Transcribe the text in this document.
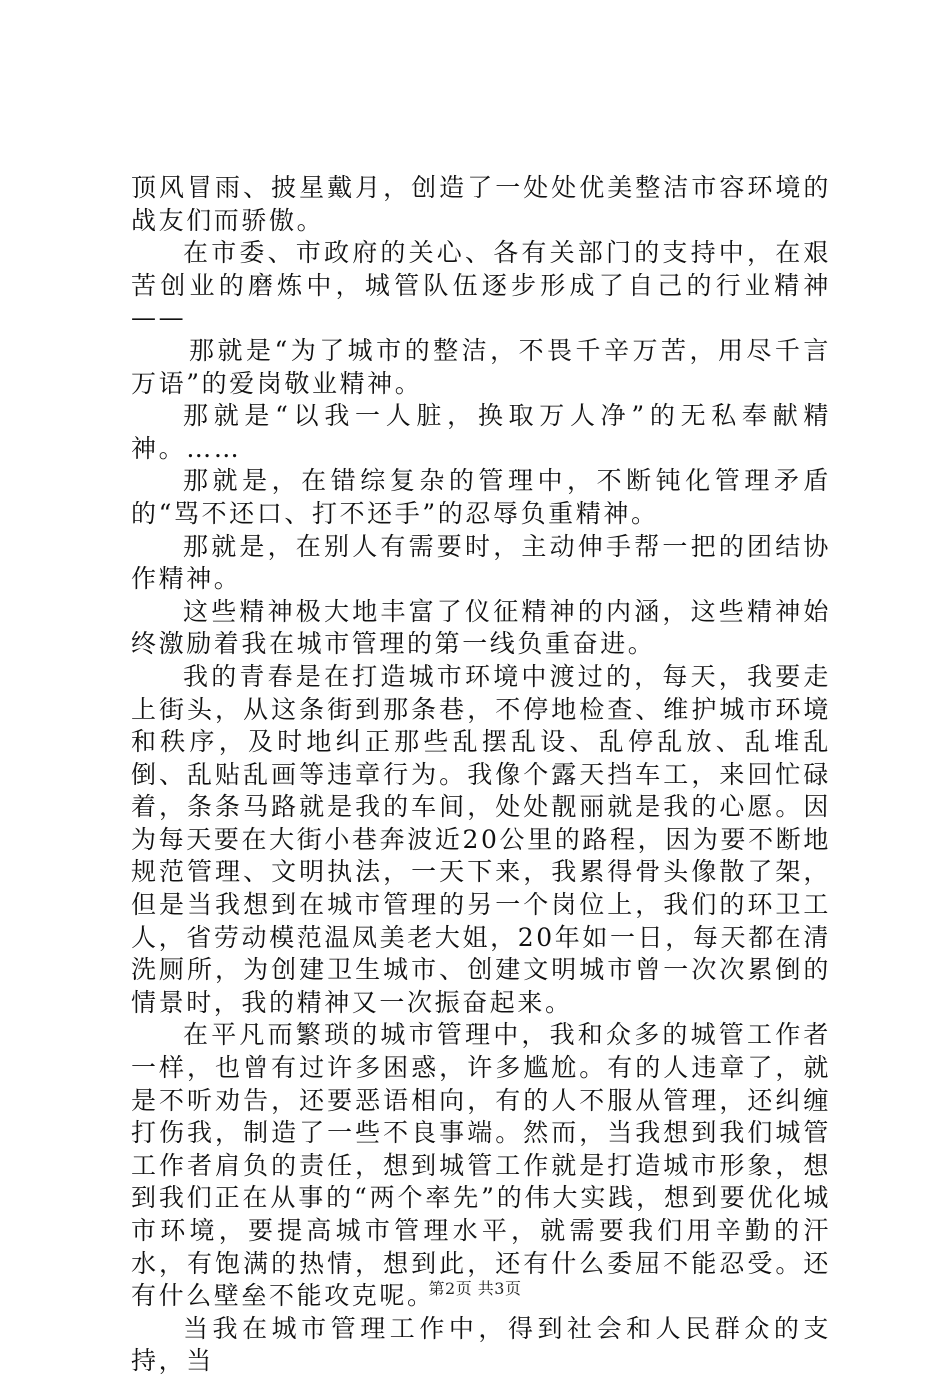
顶风冒雨、披星戴月，创造了一处处优美整洁市容环境的战友们而骄傲。

在市委、市政府的关心、各有关部门的支持中，在艰苦创业的磨炼中，城管队伍逐步形成了自己的行业精神——

那就是“为了城市的整洁，不畏千辛万苦，用尽千言万语”的爱岗敬业精神。

那就是“以我一人脏，换取万人净”的无私奉献精神。……

那就是，在错综复杂的管理中，不断钝化管理矛盾的“骂不还口、打不还手”的忍辱负重精神。

那就是，在别人有需要时，主动伸手帮一把的团结协作精神。

这些精神极大地丰富了仪征精神的内涵，这些精神始终激励着我在城市管理的第一线负重奋进。

我的青春是在打造城市环境中渡过的，每天，我要走上街头，从这条街到那条巷，不停地检查、维护城市环境和秩序，及时地纠正那些乱摆乱设、乱停乱放、乱堆乱倒、乱贴乱画等违章行为。我像个露天挡车工，来回忙碌着，条条马路就是我的车间，处处靓丽就是我的心愿。因为每天要在大街小巷奔波近20公里的路程，因为要不断地规范管理、文明执法，一天下来，我累得骨头像散了架，但是当我想到在城市管理的另一个岗位上，我们的环卫工人，省劳动模范温凤美老大姐，20年如一日，每天都在清洗厕所，为创建卫生城市、创建文明城市曾一次次累倒的情景时，我的精神又一次振奋起来。

在平凡而繁琐的城市管理中，我和众多的城管工作者一样，也曾有过许多困惑，许多尴尬。有的人违章了，就是不听劝告，还要恶语相向，有的人不服从管理，还纠缠打伤我，制造了一些不良事端。然而，当我想到我们城管工作者肩负的责任，想到城管工作就是打造城市形象，想到我们正在从事的“两个率先”的伟大实践，想到要优化城市环境，要提高城市管理水平，就需要我们用辛勤的汗水，有饱满的热情，想到此，还有什么委屈不能忍受。还有什么壁垒不能攻克呢。

当我在城市管理工作中，得到社会和人民群众的支持，当

第2页 共3页
